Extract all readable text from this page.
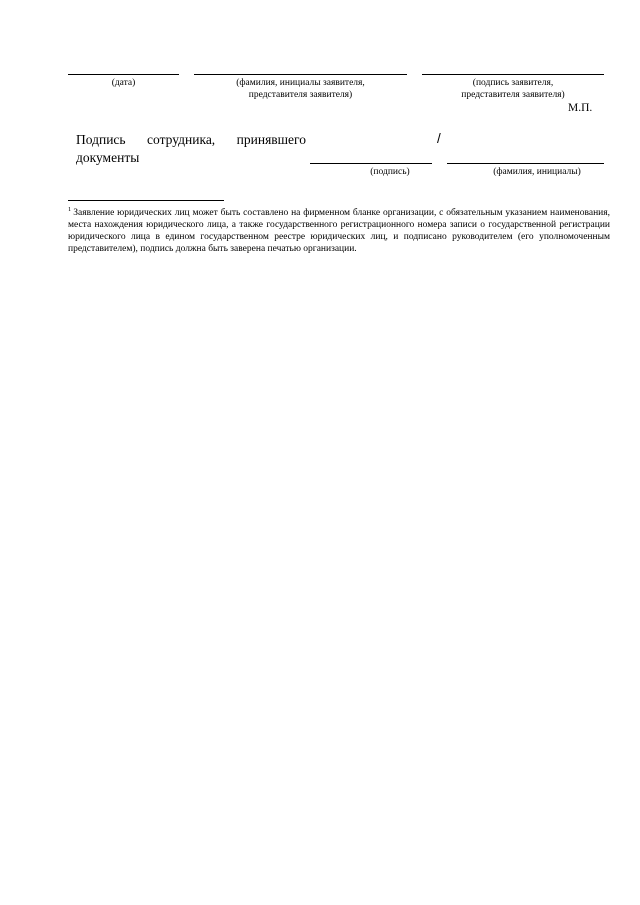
(дата)	(фамилия, инициалы заявителя,
представителя заявителя)
(подпись заявителя,
представителя заявителя)
М.П.
Подпись сотрудника, принявшего документы
/
(подпись)	(фамилия, инициалы)
$^1$ Заявление юридических лиц может быть составлено на фирменном бланке организации, с обязательным указанием наименования, места нахождения юридического лица, а также государственного регистрационного номера записи о государственной регистрации юридического лица в едином государственном реестре юридических лиц, и подписано руководителем (его уполномоченным представителем), подпись должна быть заверена печатью организации.
